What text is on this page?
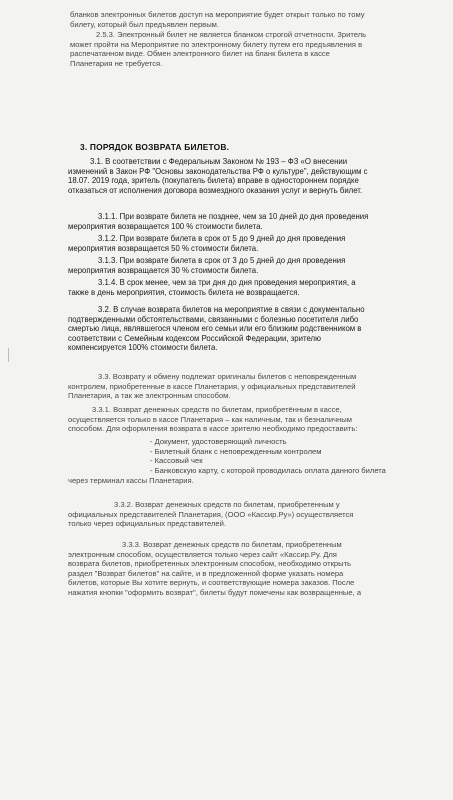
бланков электронных билетов доступ на мероприятие будет открыт только по тому
билету, который был предъявлен первым.
2.5.3. Электронный билет не является бланком строгой отчетности. Зритель
может пройти на Мероприятие по электронному билету путем его предъявления в
распечатанном виде. Обмен электронного билет на бланк билета в кассе
Планетария не требуется.
3. ПОРЯДОК ВОЗВРАТА БИЛЕТОВ.
3.1. В соответствии с Федеральным Законом № 193 – ФЗ «О внесении
изменений в Закон РФ "Основы законодательства РФ о культуре", действующим с
18.07. 2019 года, зритель (покупатель билета) вправе в одностороннем порядке
отказаться от исполнения договора возмездного оказания услуг и вернуть билет.
3.1.1. При возврате билета не позднее, чем за 10 дней до дня проведения
мероприятия возвращается 100 % стоимости билета.
3.1.2. При возврате билета в срок от 5 до 9 дней до дня проведения
мероприятия возвращается 50 % стоимости билета.
3.1.3. При возврате билета в срок от 3 до 5 дней до дня проведения
мероприятия возвращается 30 % стоимости билета.
3.1.4. В срок менее, чем за три дня до дня проведения мероприятия, а
также в день мероприятия, стоимость билета не возвращается.
3.2. В случае возврата билетов на мероприятие в связи с документально
подтвержденными обстоятельствами, связанными с болезнью посетителя либо
смертью лица, являвшегося членом его семьи или его близким родственником в
соответствии с Семейным кодексом Российской Федерации, зрителю
компенсируется 100% стоимости билета.
3.3. Возврату и обмену подлежат оригиналы билетов с неповрежденным
контролем, приобретенные в кассе Планетария, у официальных представителей
Планетария, а так же электронным способом.
3.3.1. Возврат денежных средств по билетам, приобретённым в кассе,
осуществляется только в кассе Планетария – как наличным, так и безналичным
способом. Для оформления возврата в кассе зрителю необходимо предоставить:
- Документ, удостоверяющий личность
- Билетный бланк с неповрежденным контролем
- Кассовый чек
- Банковскую карту, с которой проводилась оплата данного билета
через терминал кассы Планетария.
3.3.2. Возврат денежных средств по билетам, приобретенным у
официальных представителей Планетария, (ООО «Кассир.Ру») осуществляется
только через официальных представителей.
3.3.3. Возврат денежных средств по билетам, приобретенным
электронным способом, осуществляется только через сайт «Кассир.Ру. Для
возврата билетов, приобретенных электронным способом, необходимо открыть
раздел "Возврат билетов" на сайте, и в предложенной форме указать номера
билетов, которые Вы хотите вернуть, и соответствующие номера заказов. После
нажатия кнопки "оформить возврат", билеты будут помечены как возвращенные, а
